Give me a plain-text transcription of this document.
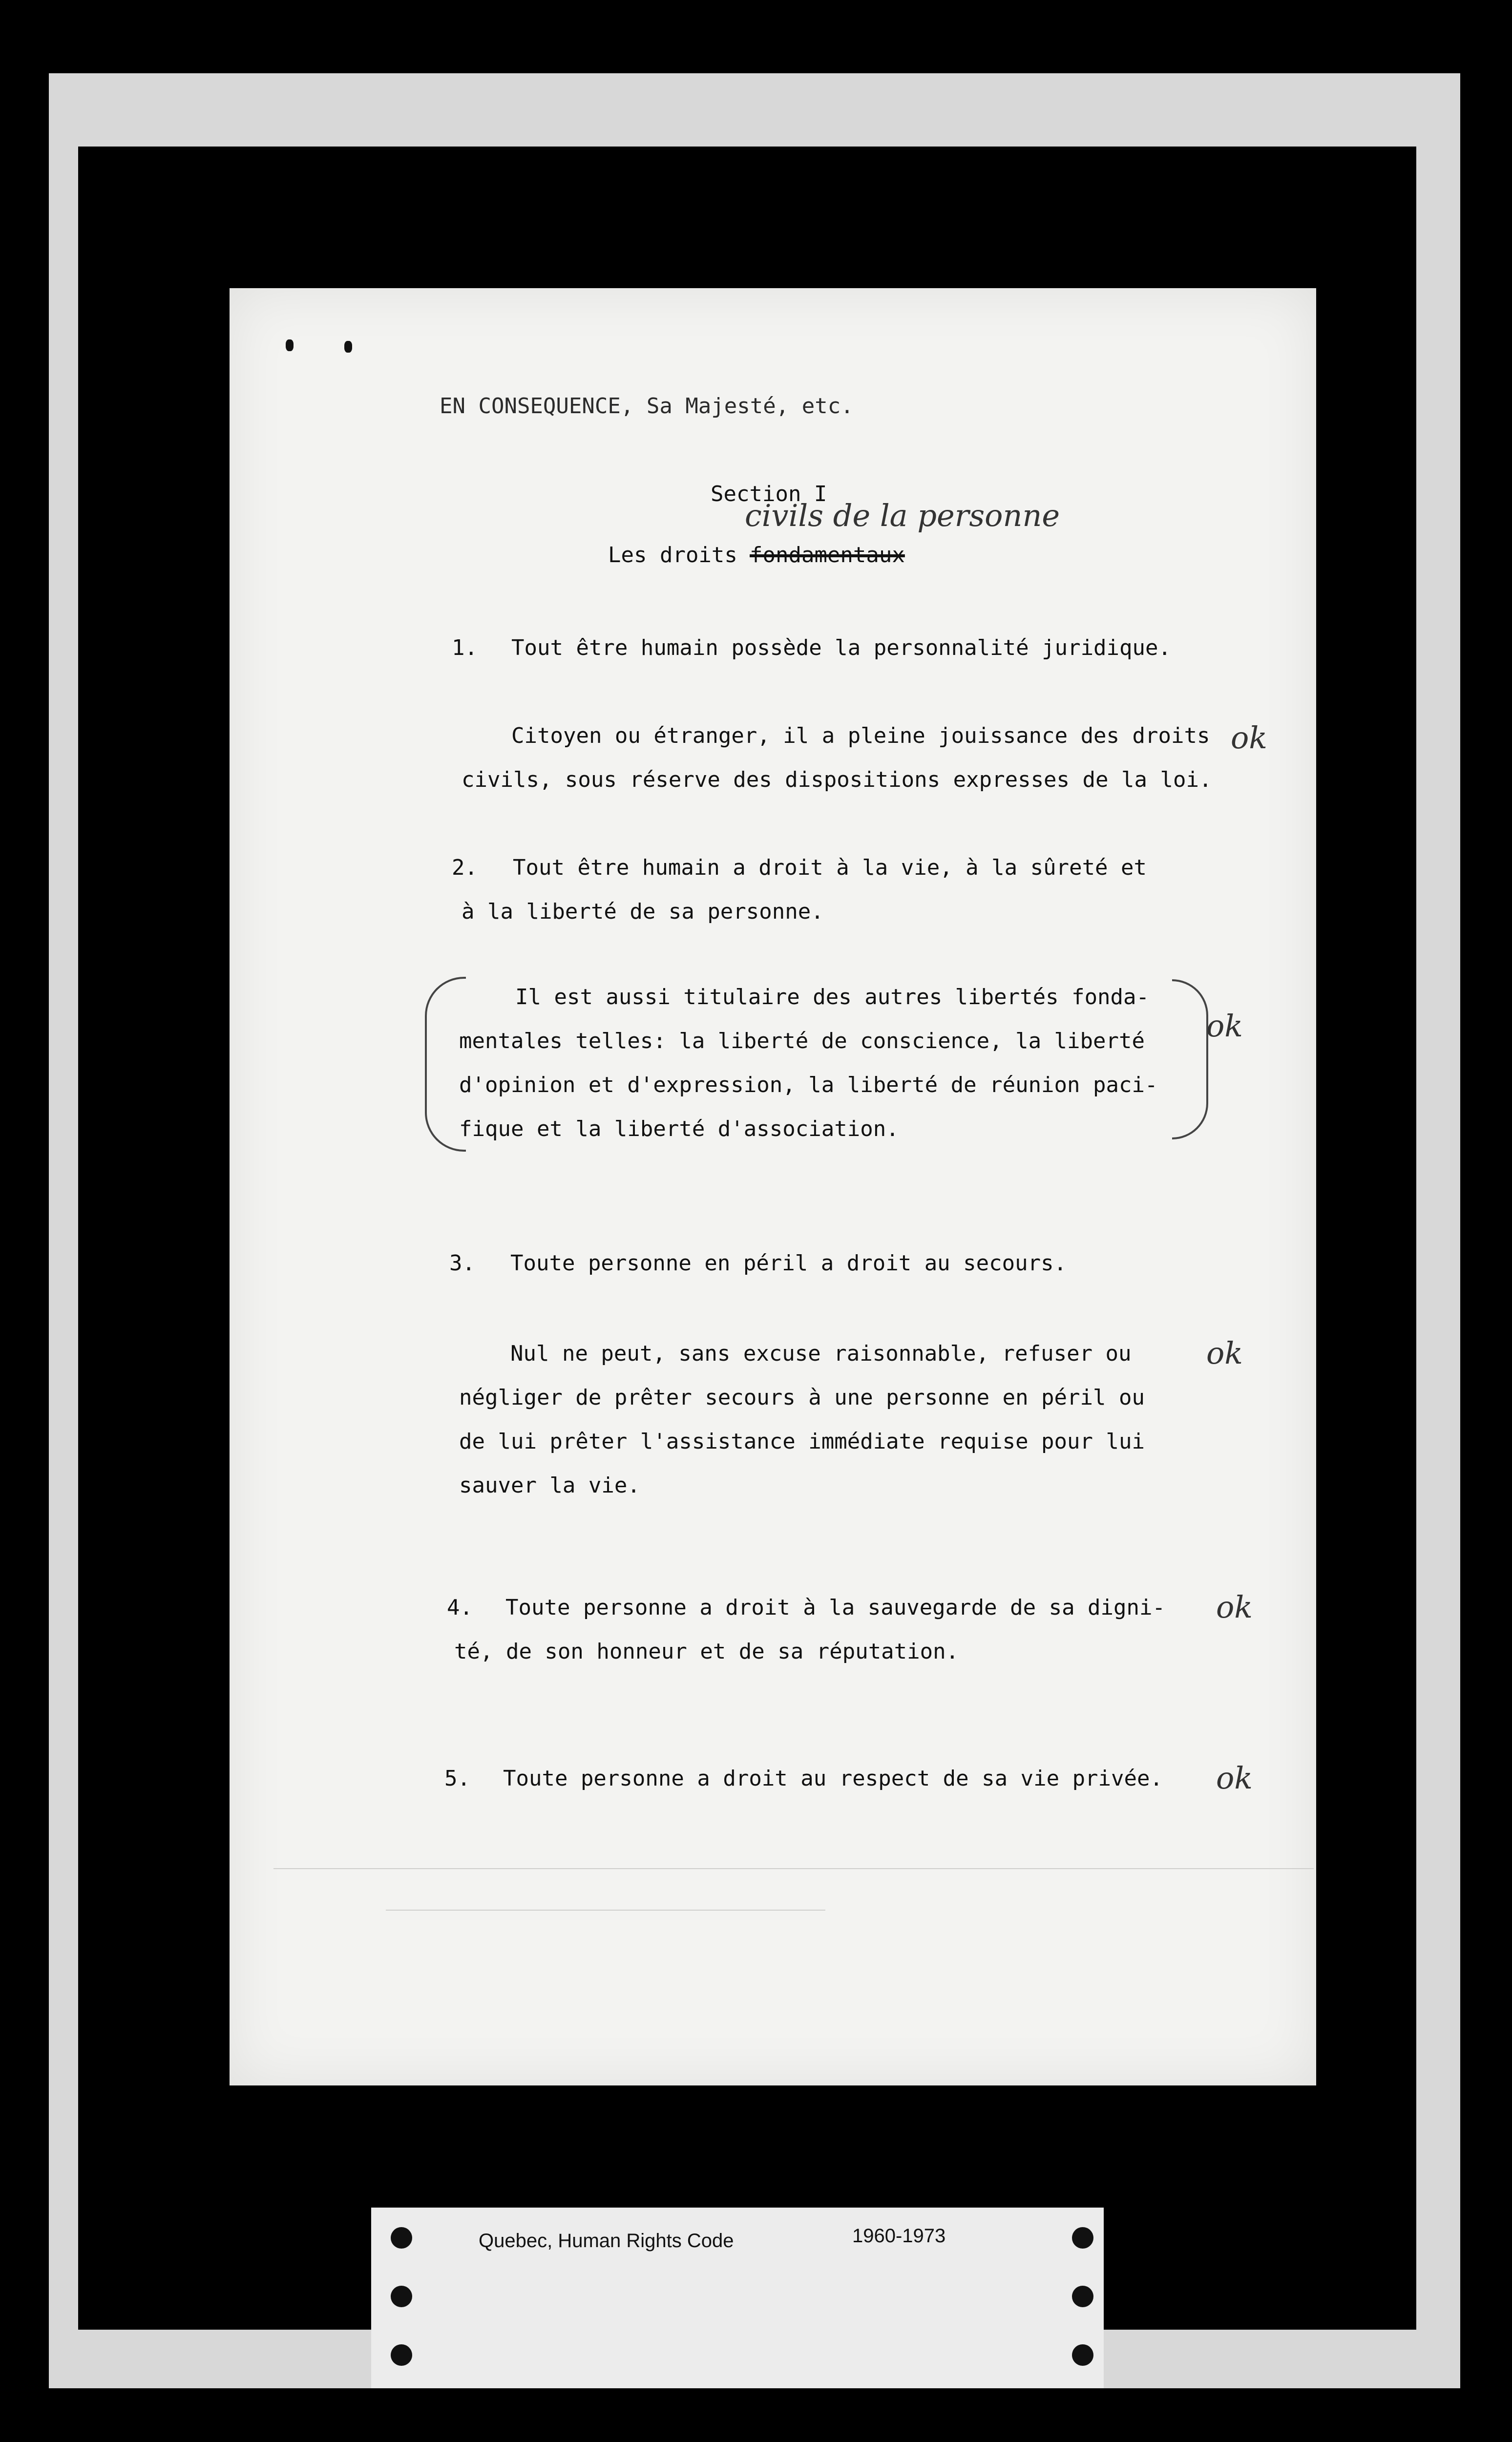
EN CONSEQUENCE, Sa Majesté, etc.
Section I
Les droits fondamentaux
civils de la personne
1. Tout être humain possède la personnalité juridique.
Citoyen ou étranger, il a pleine jouissance des droits
civils, sous réserve des dispositions expresses de la loi.
ok
2. Tout être humain a droit à la vie, à la sûreté et
à la liberté de sa personne.
Il est aussi titulaire des autres libertés fonda-
mentales telles: la liberté de conscience, la liberté
d'opinion et d'expression, la liberté de réunion paci-
fique et la liberté d'association.
ok
3. Toute personne en péril a droit au secours.
Nul ne peut, sans excuse raisonnable, refuser ou
négliger de prêter secours à une personne en péril ou
de lui prêter l'assistance immédiate requise pour lui
sauver la vie.
ok
4. Toute personne a droit à la sauvegarde de sa digni-
té, de son honneur et de sa réputation.
ok
5. Toute personne a droit au respect de sa vie privée. ok
Quebec, Human Rights Code	1960-1973
